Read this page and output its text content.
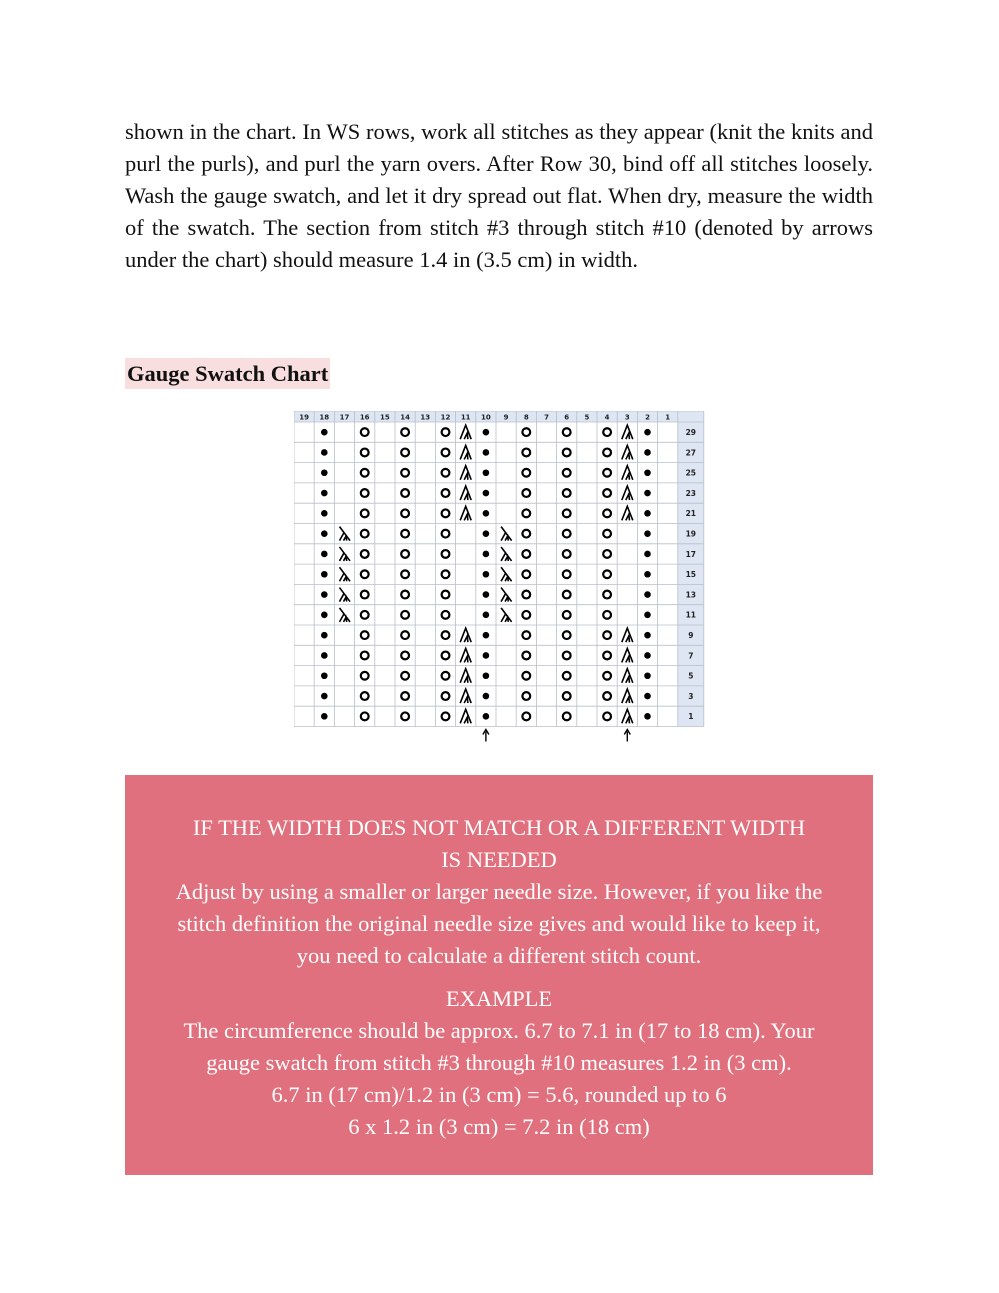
shown in the chart. In WS rows, work all stitches as they appear (knit the knits and purl the purls), and purl the yarn overs. After Row 30, bind off all stitches loosely. Wash the gauge swatch, and let it dry spread out flat. When dry, measure the width of the swatch. The section from stitch #3 through stitch #10 (denoted by arrows under the chart) should measure 1.4 in (3.5 cm) in width.
Gauge Swatch Chart
19 18 17 16 15 14 13 12 11 10 9 8 7 6 5 4 3 2 1
29
27
25
23
21
19
17
15
13
11
9
7
5
3
1

IF THE WIDTH DOES NOT MATCH OR A DIFFERENT WIDTH

IS NEEDED

Adjust by using a smaller or larger needle size. However, if you like the

stitch definition the original needle size gives and would like to keep it,

you need to calculate a different stitch count.

EXAMPLE

The circumference should be approx. 6.7 to 7.1 in (17 to 18 cm). Your

gauge swatch from stitch #3 through #10 measures 1.2 in (3 cm).

6.7 in (17 cm)/1.2 in (3 cm) = 5.6, rounded up to 6

6 x 1.2 in (3 cm) = 7.2 in (18 cm)
